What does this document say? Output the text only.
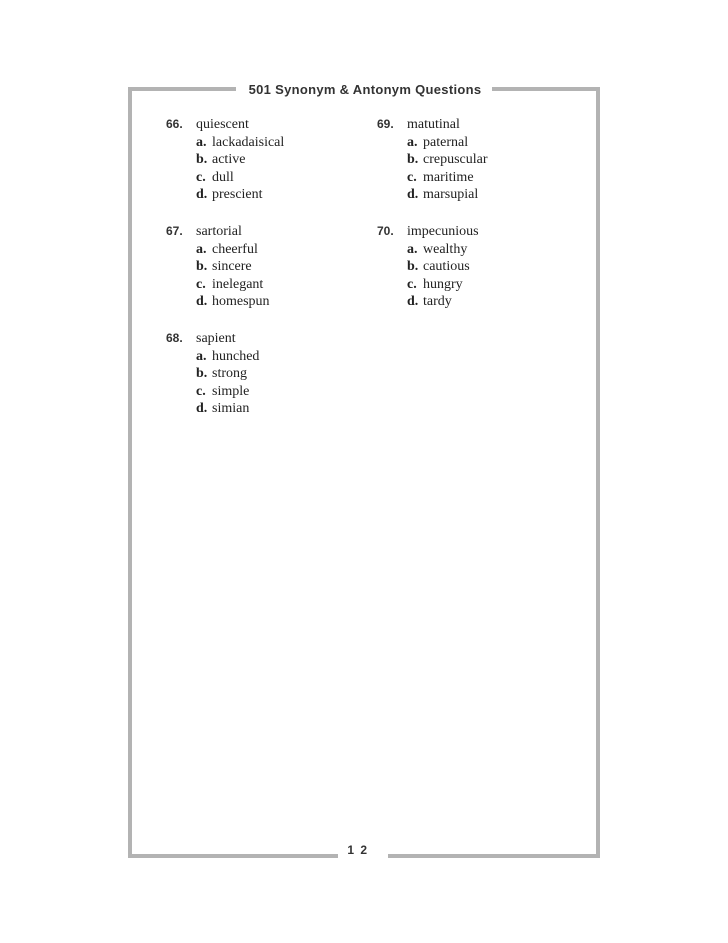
501 Synonym & Antonym Questions
1 2
66. quiescent
a. lackadaisical
b. active
c. dull
d. prescient
67. sartorial
a. cheerful
b. sincere
c. inelegant
d. homespun
68. sapient
a. hunched
b. strong
c. simple
d. simian
69. matutinal
a. paternal
b. crepuscular
c. maritime
d. marsupial
70. impecunious
a. wealthy
b. cautious
c. hungry
d. tardy
